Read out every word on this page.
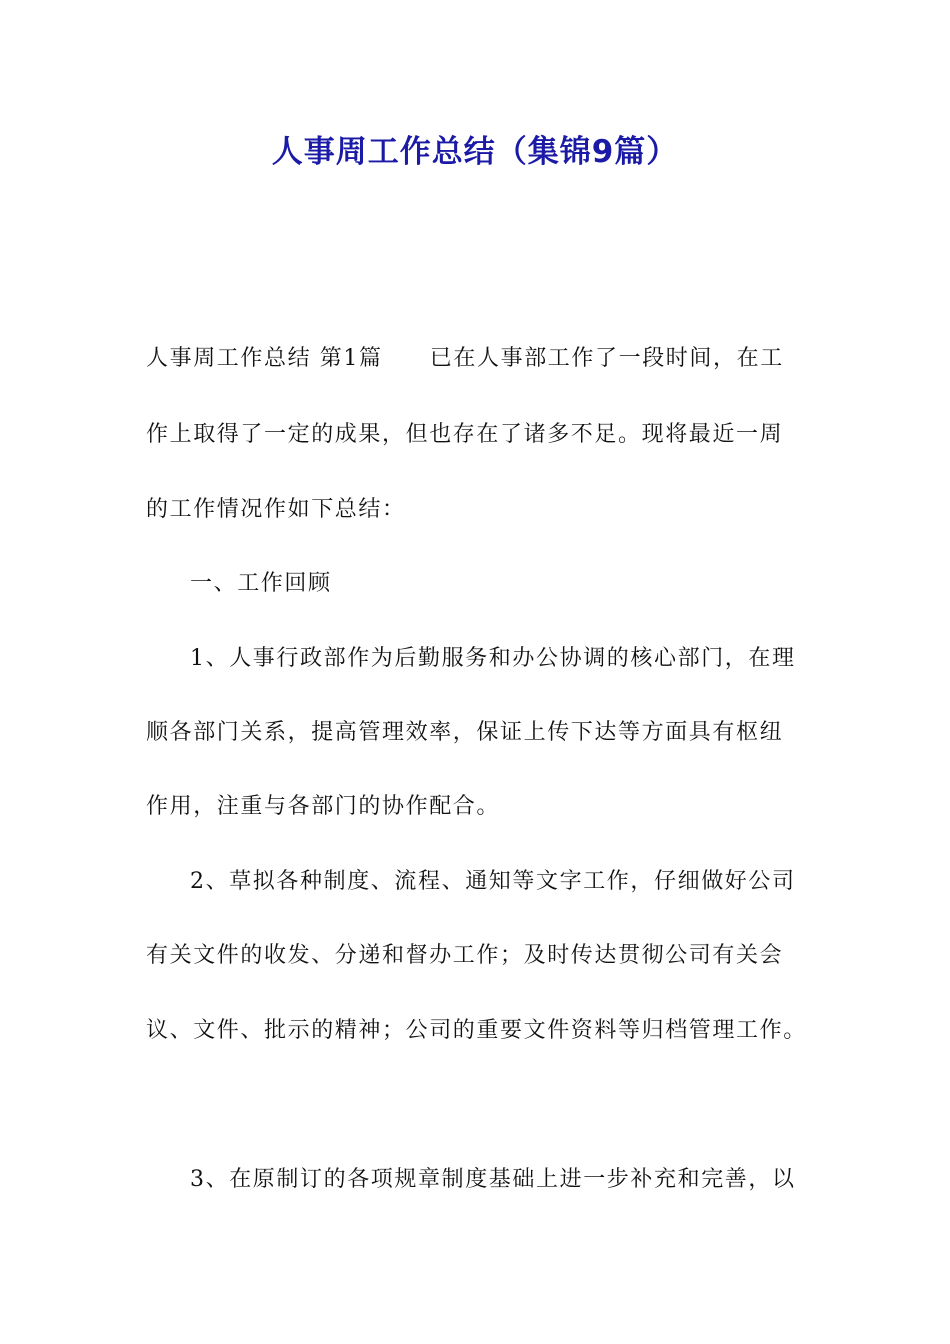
人事周工作总结（集锦9篇）
人事周工作总结 第1篇　　已在人事部工作了一段时间，在工
作上取得了一定的成果，但也存在了诸多不足。现将最近一周
的工作情况作如下总结：
一、工作回顾
1、人事行政部作为后勤服务和办公协调的核心部门，在理
顺各部门关系，提高管理效率，保证上传下达等方面具有枢纽
作用，注重与各部门的协作配合。
2、草拟各种制度、流程、通知等文字工作，仔细做好公司
有关文件的收发、分递和督办工作；及时传达贯彻公司有关会
议、文件、批示的精神；公司的重要文件资料等归档管理工作。
3、在原制订的各项规章制度基础上进一步补充和完善，以
